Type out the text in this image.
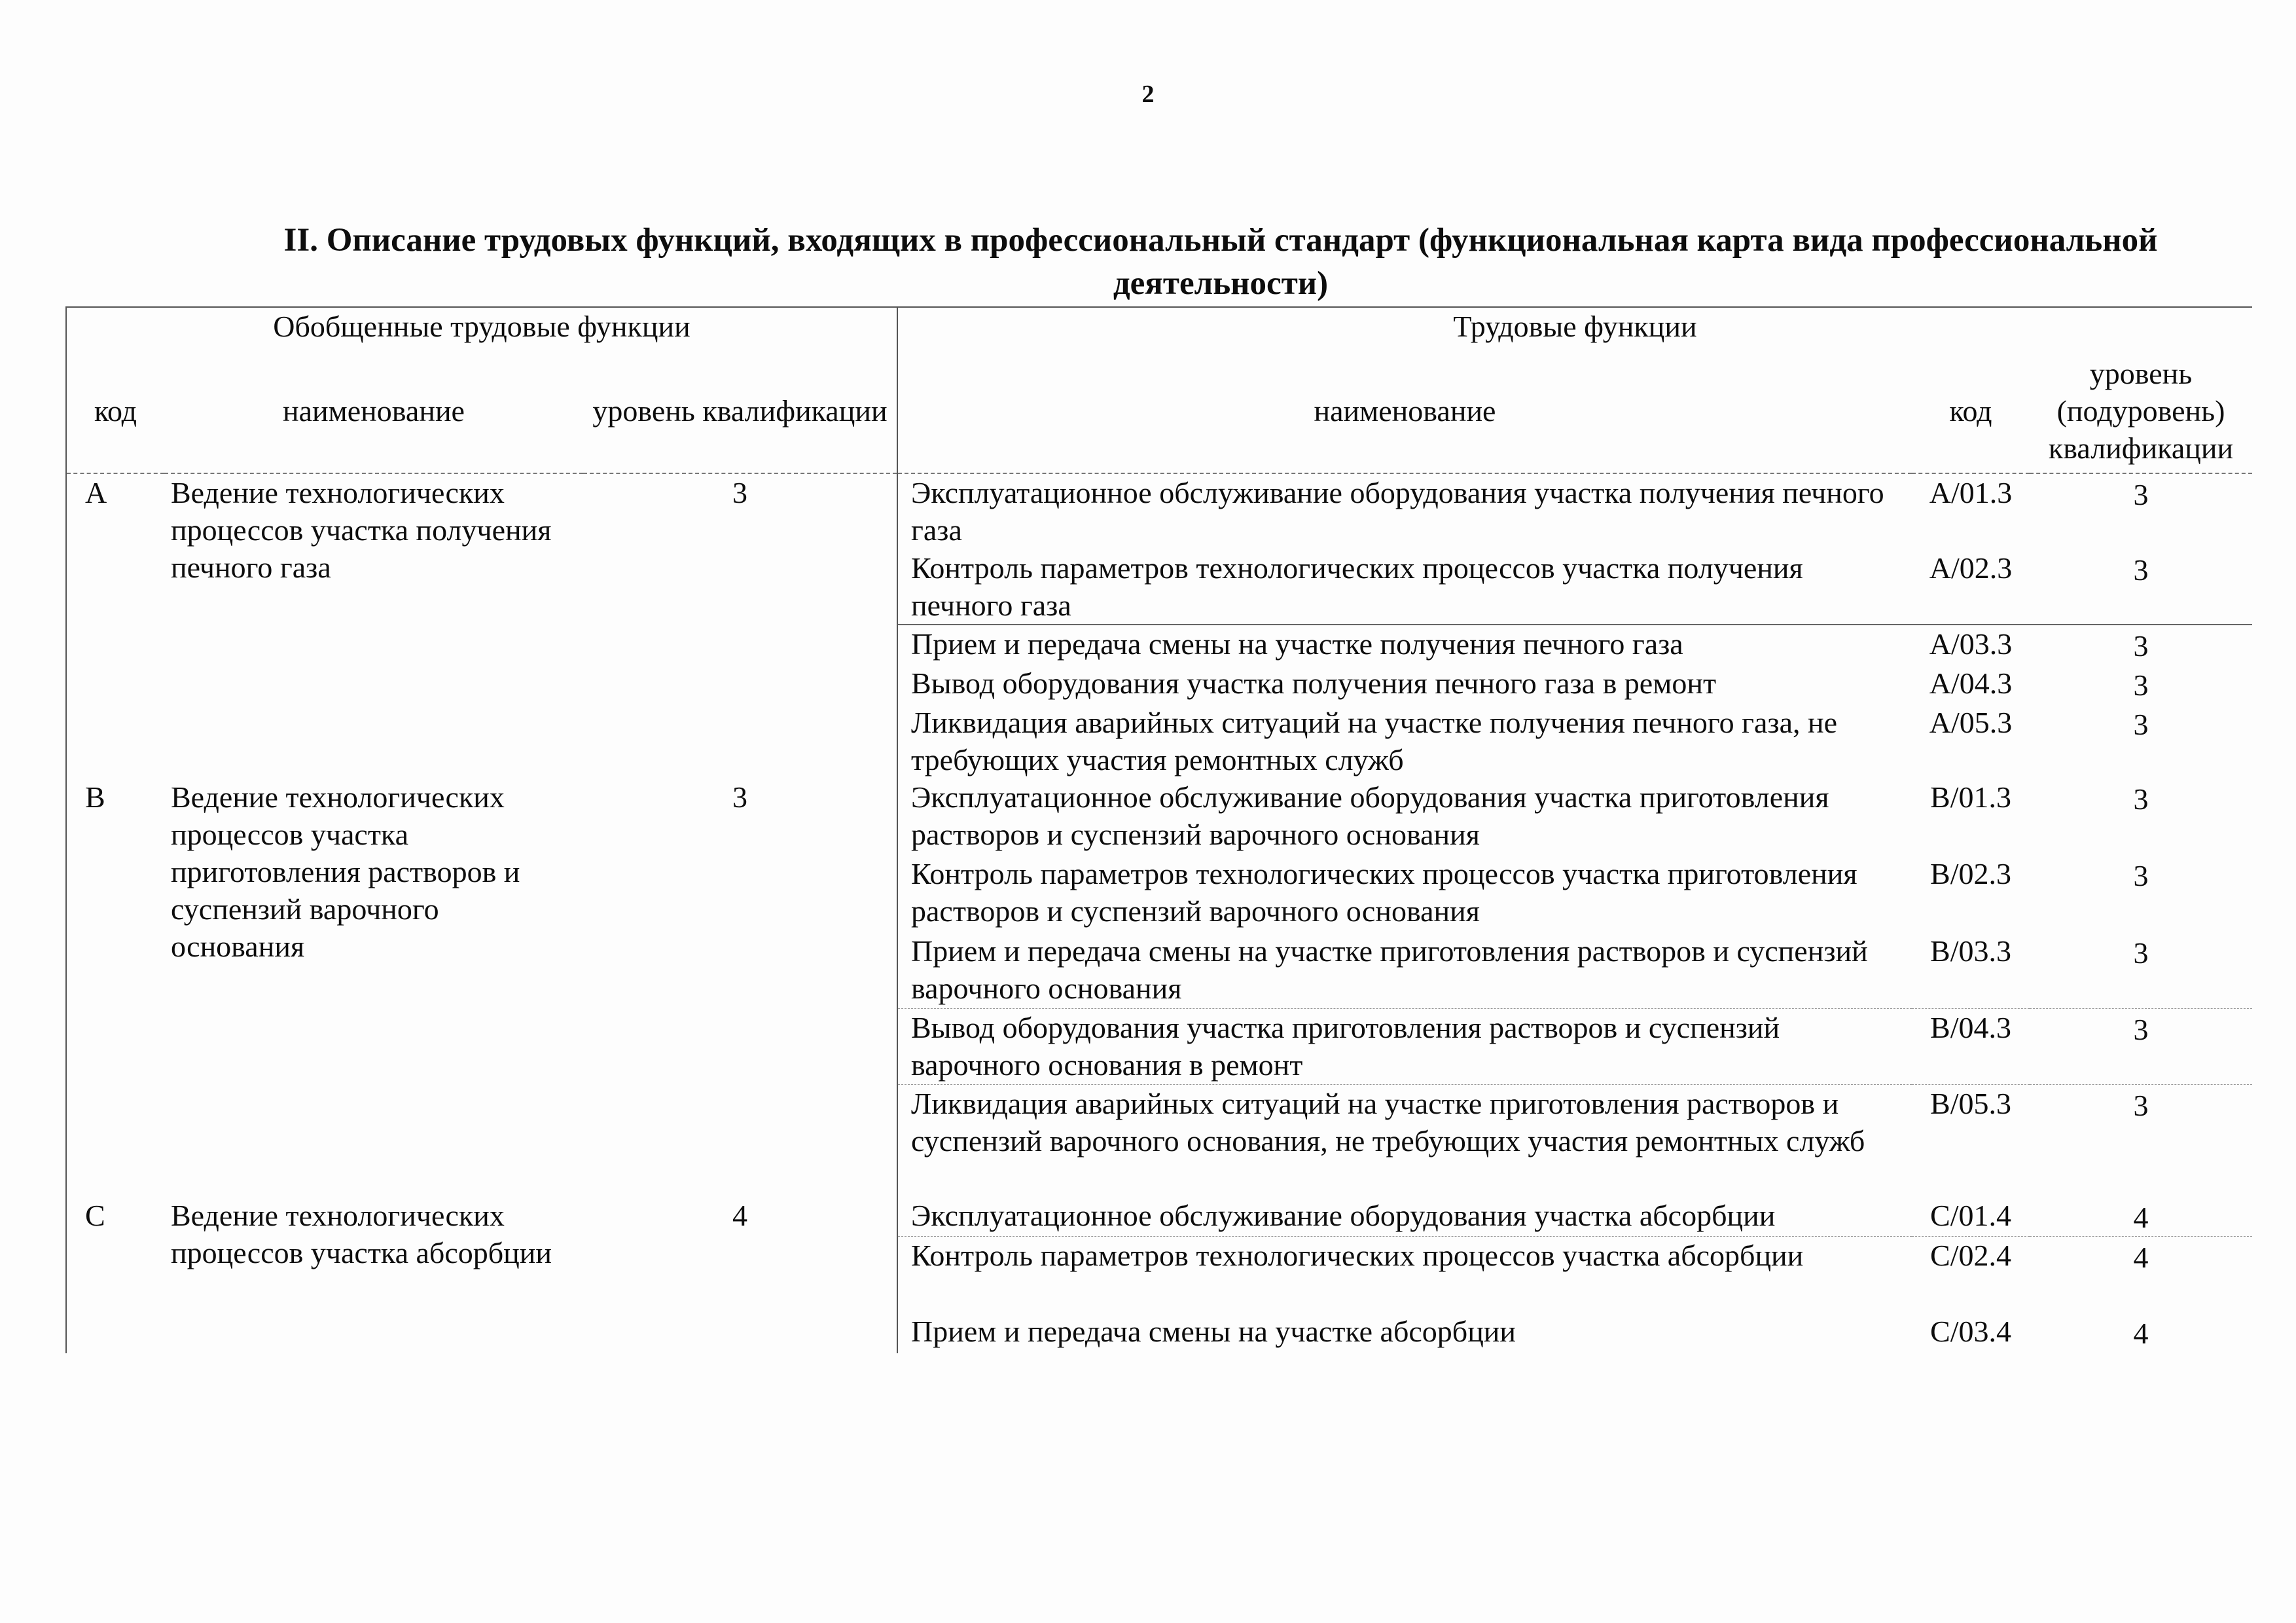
2
II. Описание трудовых функций, входящих в профессиональный стандарт (функциональная карта вида профессиональной деятельности)
Обобщенные трудовые функции			Трудовые функции		
код	наименование	уровень квалификации	наименование	код	уровень (подуровень) квалификации
A	Ведение технологических процессов участка получения печного газа	3	Эксплуатационное обслуживание оборудования участка получения печного газа	A/01.3	3
			Контроль параметров технологических процессов участка получения печного газа	A/02.3	3
			Прием и передача смены на участке получения печного газа	A/03.3	3
			Вывод оборудования участка получения печного газа в ремонт	A/04.3	3
			Ликвидация аварийных ситуаций на участке получения печного газа, не требующих участия ремонтных служб	A/05.3	3
B	Ведение технологических процессов участка приготовления растворов и суспензий варочного основания	3	Эксплуатационное обслуживание оборудования участка приготовления растворов и суспензий варочного основания	B/01.3	3
			Контроль параметров технологических процессов участка приготовления растворов и суспензий варочного основания	B/02.3	3
			Прием и передача смены на участке приготовления растворов и суспензий варочного основания	B/03.3	3
			Вывод оборудования участка приготовления растворов и суспензий варочного основания в ремонт	B/04.3	3
			Ликвидация аварийных ситуаций на участке приготовления растворов и суспензий варочного основания, не требующих участия ремонтных служб	B/05.3	3
C	Ведение технологических процессов участка абсорбции	4	Эксплуатационное обслуживание оборудования участка абсорбции	C/01.4	4
			Контроль параметров технологических процессов участка абсорбции	C/02.4	4
			Прием и передача смены на участке абсорбции	C/03.4	4
